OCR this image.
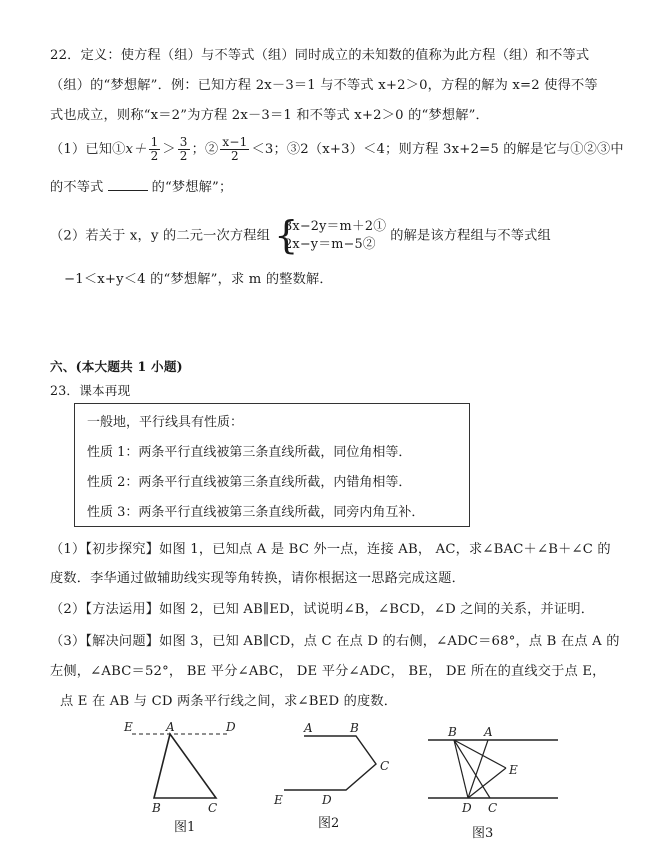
22．定义：使方程（组）与不等式（组）同时成立的未知数的值称为此方程（组）和不等式
（组）的“梦想解”．例：已知方程 2x－3＝1 与不等式 x+2＞0，方程的解为 x=2 使得不等
式也成立，则称“x＝2”为方程 2x－3＝1 和不等式 x+2＞0 的“梦想解”．
（1）已知①x＋ $\frac{1}{2} > \frac{3}{2}$ ；② $\frac{x-1}{2} <3$；③2（x+3）＜4；则方程 3x+2=5 的解是它与①②③中
的不等式	的“梦想解”；
（2）若关于 x，y 的二元一次方程组 {
3x−2y＝m＋2①
2x−y＝m−5②
的解是该方程组与不等式组
−1＜x+y＜4 的“梦想解”，求 m 的整数解．
六、(本大题共 1 小题)
23．课本再现
一般地，平行线具有性质：
性质 1：两条平行直线被第三条直线所截，同位角相等．
性质 2：两条平行直线被第三条直线所截，内错角相等．
性质 3：两条平行直线被第三条直线所截，同旁内角互补．
（1）【初步探究】如图 1，已知点 A 是 BC 外一点，连接 AB， AC，求∠BAC＋∠B＋∠C 的
度数．李华通过做辅助线实现等角转换，请你根据这一思路完成这题．
（2）【方法运用】如图 2，已知 AB∥ED，试说明∠B，∠BCD，∠D 之间的关系，并证明．
（3）【解决问题】如图 3，已知 AB∥CD，点 C 在点 D 的右侧，∠ADC＝68°，点 B 在点 A 的
左侧，∠ABC＝52°， BE 平分∠ABC， DE 平分∠ADC， BE， DE 所在的直线交于点 E，
点 E 在 AB 与 CD 两条平行线之间，求∠BED 的度数．
E	A	D
B	C
图1
A	B
C
E	D
图2
B A
E
D C
图3
